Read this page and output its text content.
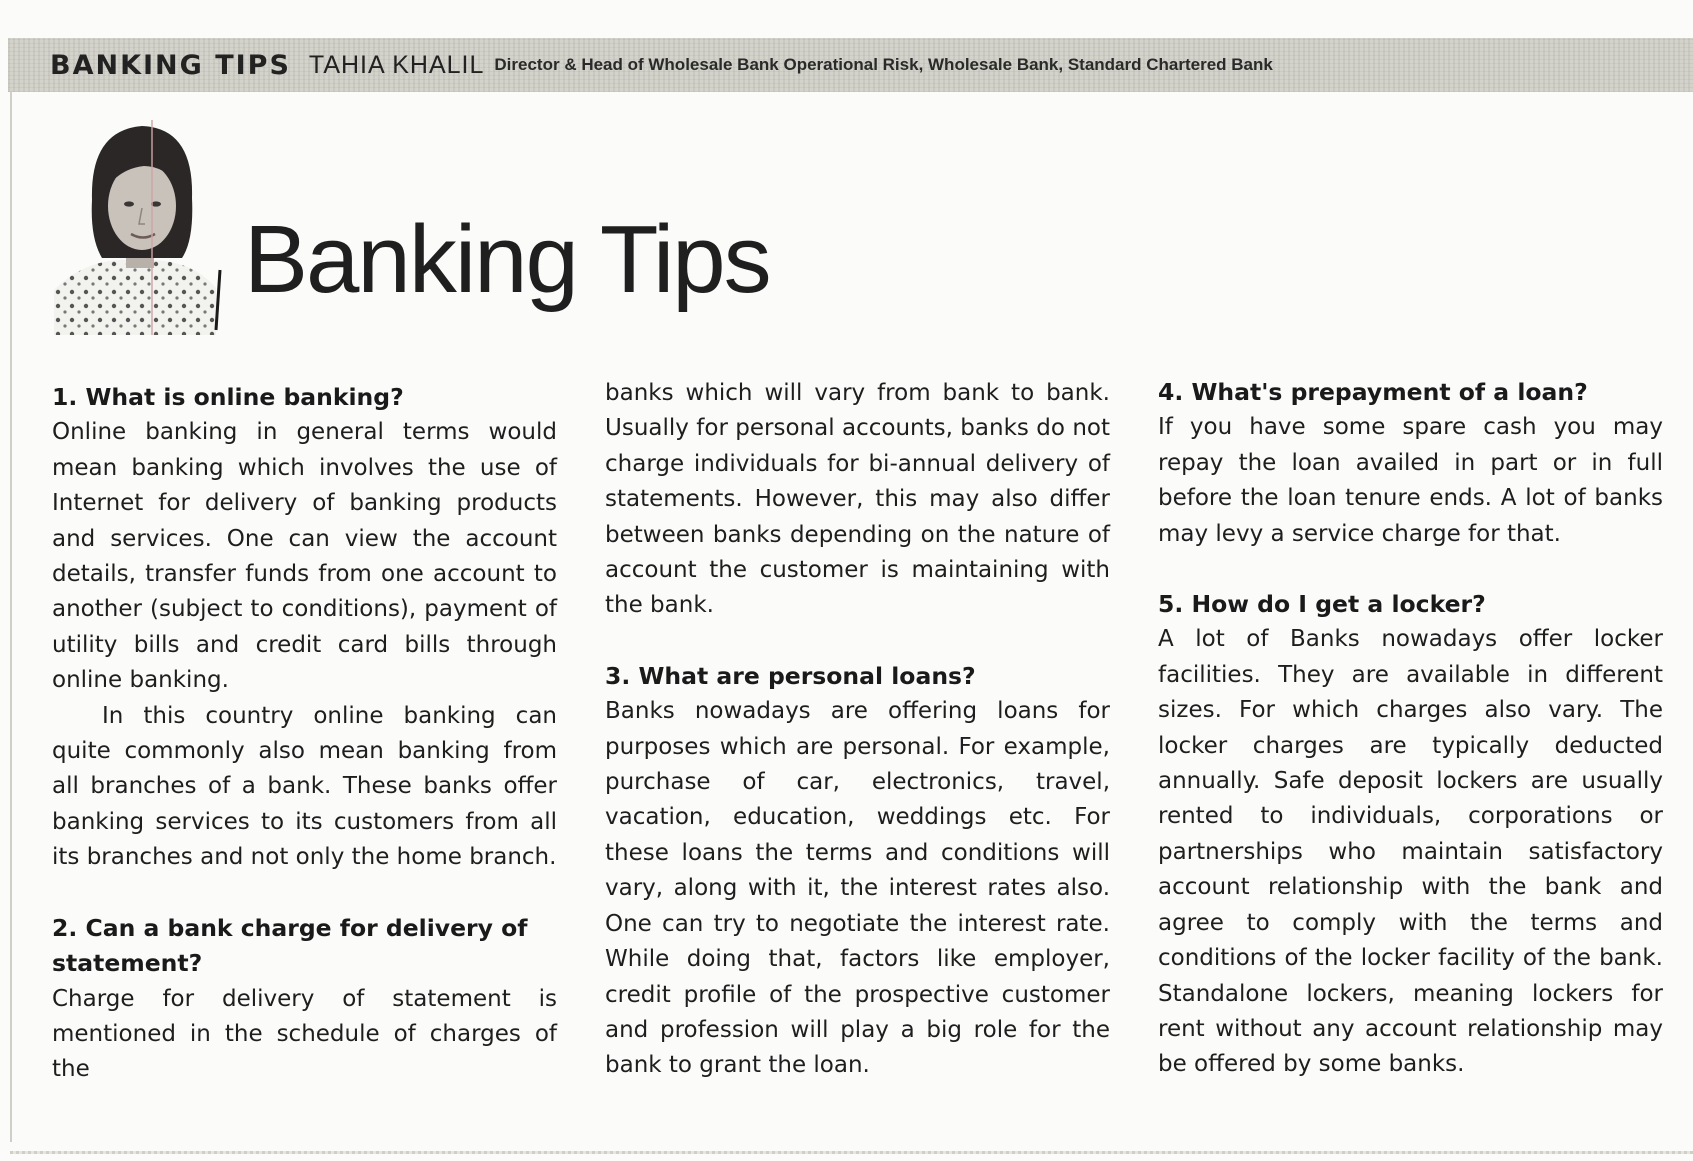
BANKING TIPS TAHIA KHALIL Director & Head of Wholesale Bank Operational Risk, Wholesale Bank, Standard Chartered Bank
Banking Tips
1. What is online banking?

Online banking in general terms would mean banking which involves the use of Internet for delivery of banking products and services. One can view the account details, transfer funds from one account to another (subject to conditions), payment of utility bills and credit card bills through online banking.

In this country online banking can quite commonly also mean banking from all branches of a bank. These banks offer banking services to its customers from all its branches and not only the home branch.

2. Can a bank charge for delivery of statement?

Charge for delivery of statement is mentioned in the schedule of charges of the

banks which will vary from bank to bank. Usually for personal accounts, banks do not charge individuals for bi-annual delivery of statements. However, this may also differ between banks depending on the nature of account the customer is maintaining with the bank.

3. What are personal loans?

Banks nowadays are offering loans for purposes which are personal. For example, purchase of car, electronics, travel, vacation, education, weddings etc. For these loans the terms and conditions will vary, along with it, the interest rates also. One can try to negotiate the interest rate. While doing that, factors like employer, credit profile of the prospective customer and profession will play a big role for the bank to grant the loan.

4. What's prepayment of a loan?

If you have some spare cash you may repay the loan availed in part or in full before the loan tenure ends. A lot of banks may levy a service charge for that.

5. How do I get a locker?

A lot of Banks nowadays offer locker facilities. They are available in different sizes. For which charges also vary. The locker charges are typically deducted annually. Safe deposit lockers are usually rented to individuals, corporations or partnerships who maintain satisfactory account relationship with the bank and agree to comply with the terms and conditions of the locker facility of the bank. Standalone lockers, meaning lockers for rent without any account relationship may be offered by some banks.
